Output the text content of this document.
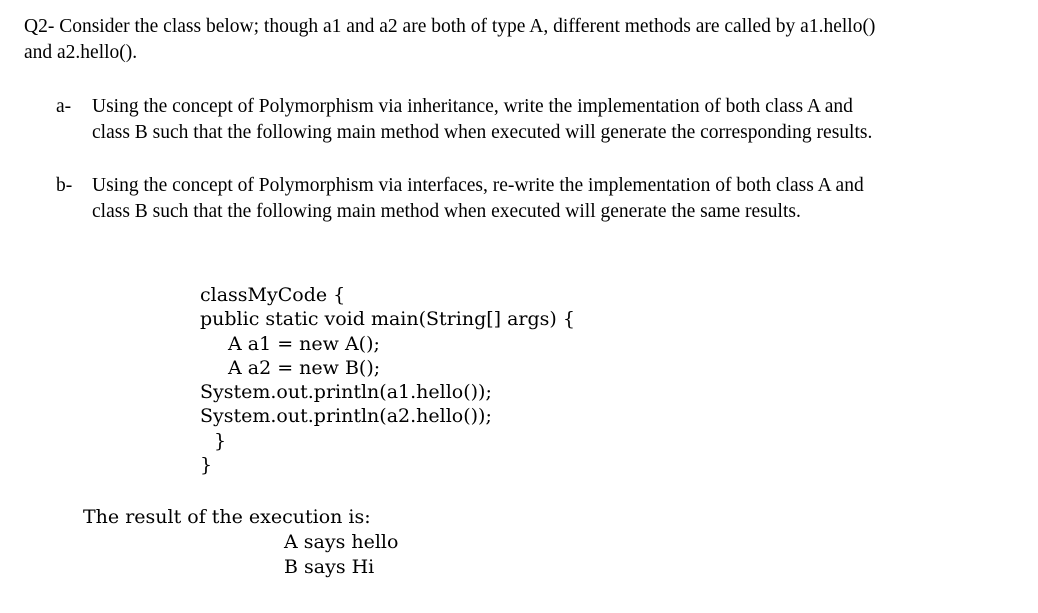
Q2- Consider the class below; though a1 and a2 are both of type A, different methods are called by a1.hello()
and a2.hello().
a- Using the concept of Polymorphism via inheritance, write the implementation of both class A and
class B such that the following main method when executed will generate the corresponding results.
b- Using the concept of Polymorphism via interfaces, re-write the implementation of both class A and
class B such that the following main method when executed will generate the same results.
classMyCode {
public static void main(String[] args) {
A a1 = new A();
A a2 = new B();
System.out.println(a1.hello());
System.out.println(a2.hello());
}
}
The result of the execution is:
A says hello
B says Hi
